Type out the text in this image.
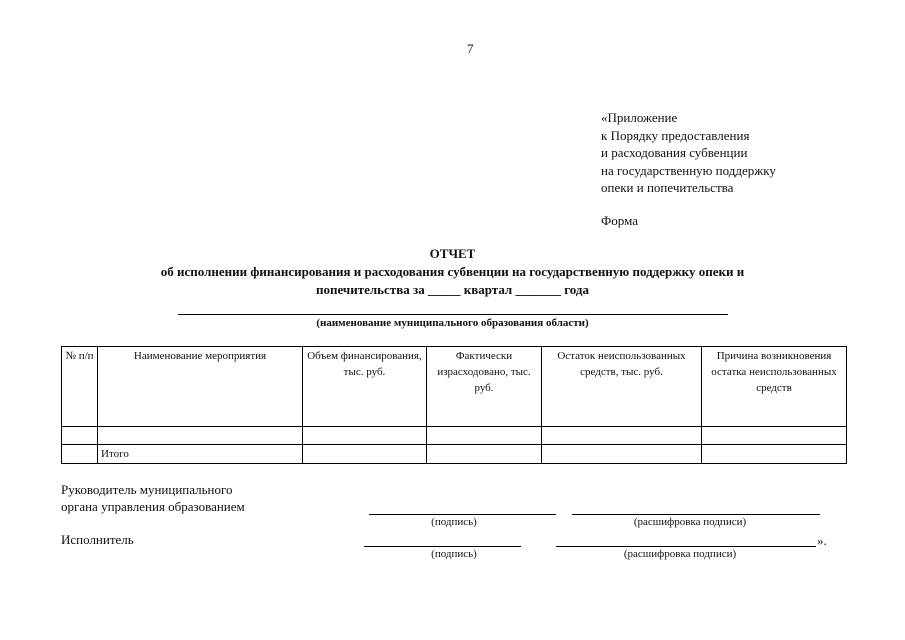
7
«Приложение
к Порядку предоставления
и расходования субвенции
на государственную поддержку
опеки и попечительства
Форма
ОТЧЕТ
об исполнении финансирования и расходования субвенции на государственную поддержку опеки и
попечительства за _____ квартал _______ года
(наименование муниципального образования области)
№ п/п	Наименование мероприятия	Объем финансирования, тыс. руб.	Фактически израсходовано, тыс. руб.	Остаток неиспользованных средств, тыс. руб.	Причина возникновения остатка неиспользованных средств

	Итого				
Руководитель муниципального
органа управления образованием
(подпись)	(расшифровка подписи)
Исполнитель
(подпись)	(расшифровка подписи)
».
